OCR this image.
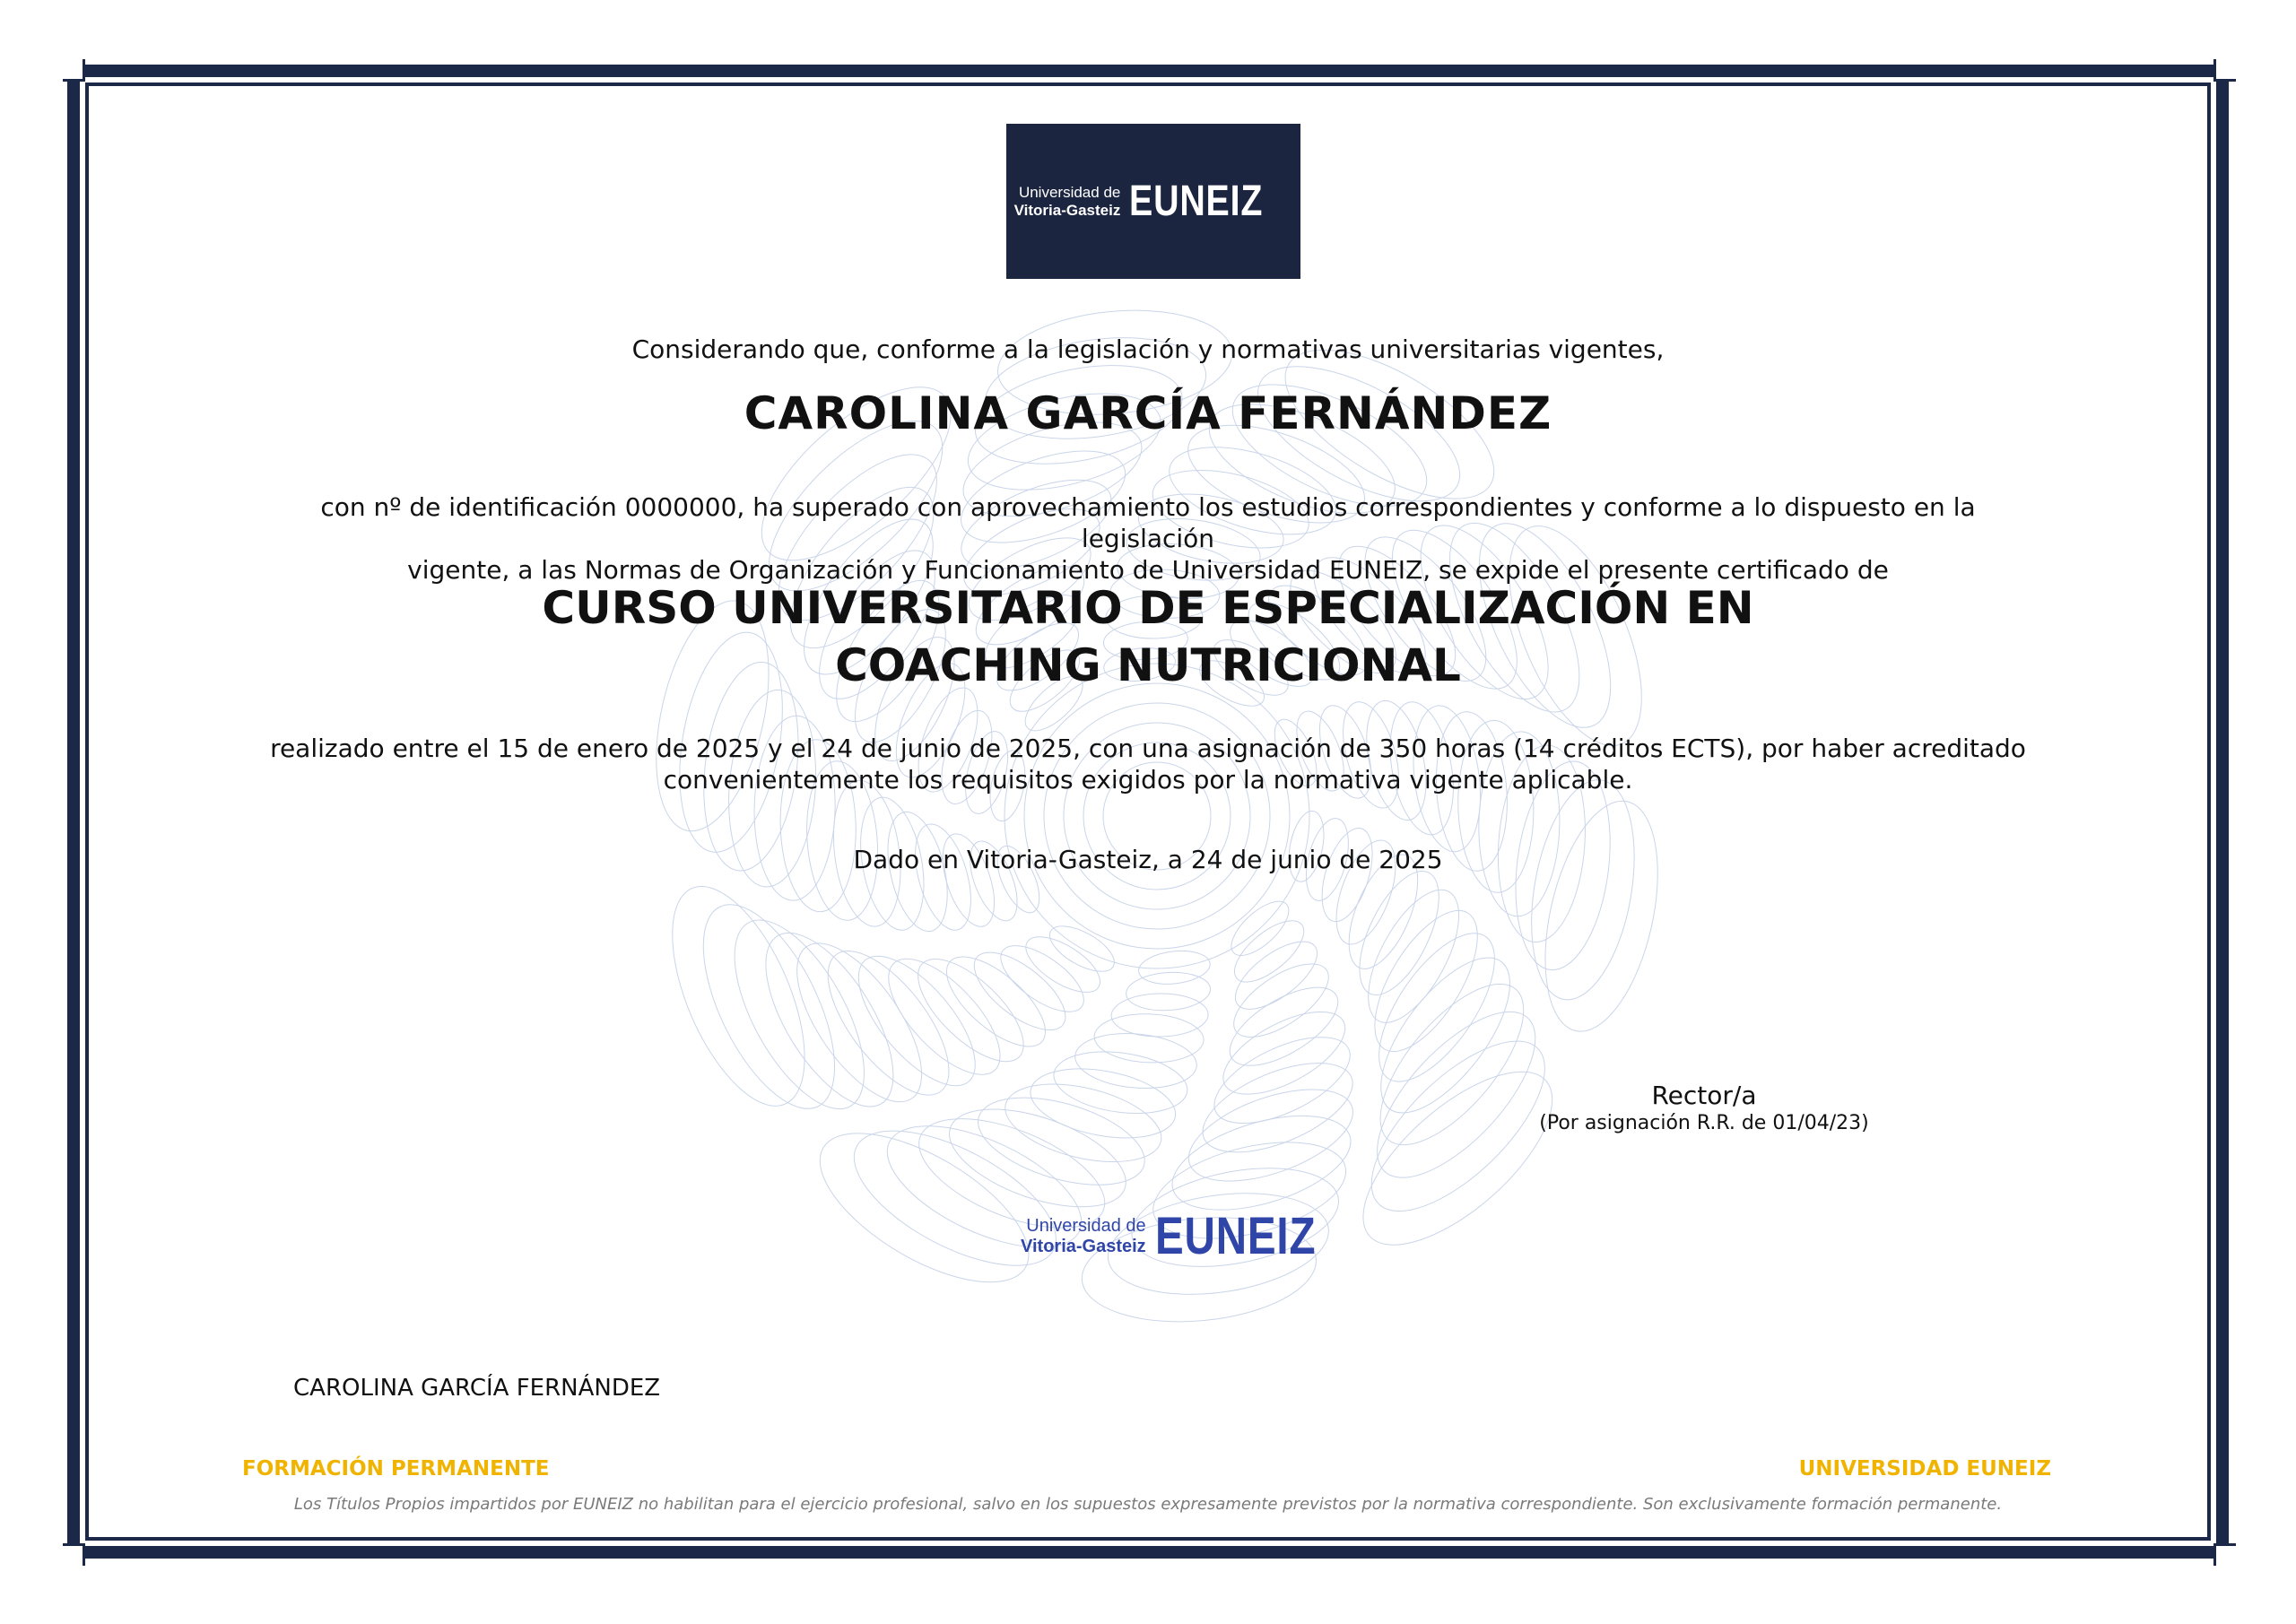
Universidad de
Vitoria-Gasteiz EUNEIZ
Considerando que, conforme a la legislación y normativas universitarias vigentes,
CAROLINA GARCÍA FERNÁNDEZ
con nº de identificación 0000000, ha superado con aprovechamiento los estudios correspondientes y conforme a lo dispuesto en la legislación
vigente, a las Normas de Organización y Funcionamiento de Universidad EUNEIZ, se expide el presente certificado de
CURSO UNIVERSITARIO DE ESPECIALIZACIÓN EN
COACHING NUTRICIONAL
realizado entre el 15 de enero de 2025 y el 24 de junio de 2025, con una asignación de 350 horas (14 créditos ECTS), por haber acreditado
convenientemente los requisitos exigidos por la normativa vigente aplicable.
Dado en Vitoria-Gasteiz, a 24 de junio de 2025
Rector/a
(Por asignación R.R. de 01/04/23)
Universidad de
Vitoria-Gasteiz EUNEIZ
CAROLINA GARCÍA FERNÁNDEZ
FORMACIÓN PERMANENTE	UNIVERSIDAD EUNEIZ
Los Títulos Propios impartidos por EUNEIZ no habilitan para el ejercicio profesional, salvo en los supuestos expresamente previstos por la normativa correspondiente. Son exclusivamente formación permanente.
